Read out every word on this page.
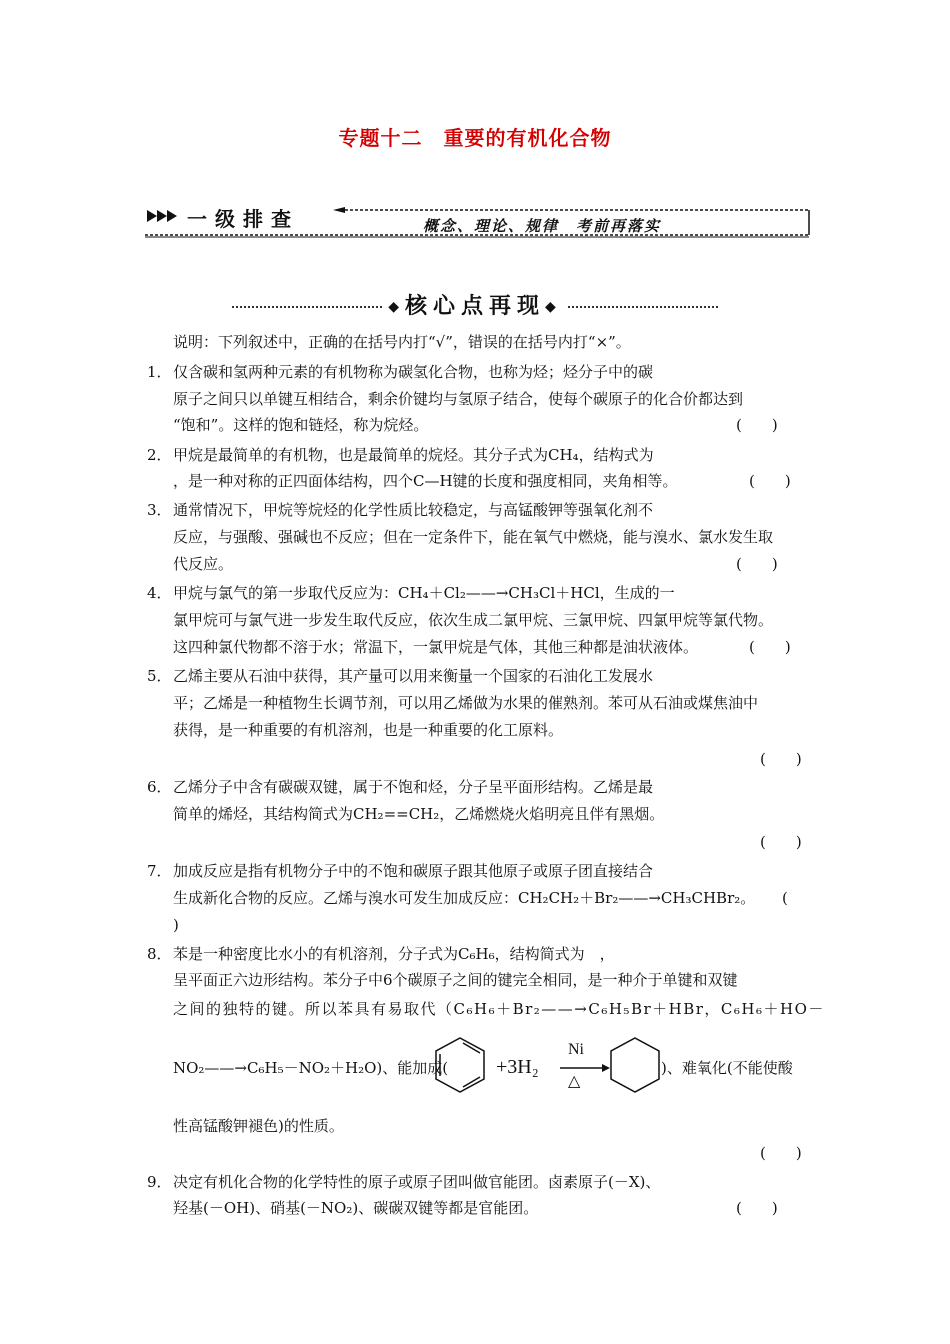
专题十二　重要的有机化合物
一级排查	概念、理论、规律　考前再落实
◆核心点再现◆
说明：下列叙述中，正确的在括号内打“√”，错误的在括号内打“×”。
1． 仅含碳和氢两种元素的有机物称为碳氢化合物，也称为烃；烃分子中的碳
原子之间只以单键互相结合，剩余价键均与氢原子结合，使每个碳原子的化合价都达到
“饱和”。这样的饱和链烃，称为烷烃。	(　　)
2． 甲烷是最简单的有机物，也是最简单的烷烃。其分子式为CH₄，结构式为
，是一种对称的正四面体结构，四个C—H键的长度和强度相同，夹角相等。	(　　)
3． 通常情况下，甲烷等烷烃的化学性质比较稳定，与高锰酸钾等强氧化剂不
反应，与强酸、强碱也不反应；但在一定条件下，能在氧气中燃烧，能与溴水、氯水发生取
代反应。	(　　)
4． 甲烷与氯气的第一步取代反应为：CH₄＋Cl₂——→CH₃Cl＋HCl，生成的一
氯甲烷可与氯气进一步发生取代反应，依次生成二氯甲烷、三氯甲烷、四氯甲烷等氯代物。
这四种氯代物都不溶于水；常温下，一氯甲烷是气体，其他三种都是油状液体。	(　　)
5． 乙烯主要从石油中获得，其产量可以用来衡量一个国家的石油化工发展水
平；乙烯是一种植物生长调节剂，可以用乙烯做为水果的催熟剂。苯可从石油或煤焦油中
获得，是一种重要的有机溶剂，也是一种重要的化工原料。
(　　)
6． 乙烯分子中含有碳碳双键，属于不饱和烃，分子呈平面形结构。乙烯是最
简单的烯烃，其结构简式为CH₂==CH₂，乙烯燃烧火焰明亮且伴有黑烟。
(　　)
7． 加成反应是指有机物分子中的不饱和碳原子跟其他原子或原子团直接结合
生成新化合物的反应。乙烯与溴水可发生加成反应：CH₂CH₂＋Br₂——→CH₃CHBr₂。 (
)
8． 苯是一种密度比水小的有机溶剂，分子式为C₆H₆，结构简式为　，
呈平面正六边形结构。苯分子中6个碳原子之间的键完全相同，是一种介于单键和双键
之间的独特的键。所以苯具有易取代（C₆H₆＋Br₂——→C₆H₅Br＋HBr，C₆H₆＋HO－
NO₂——→C₆H₅－NO₂＋H₂O)、能加成( +3H₂
Ni
△
)、难氧化(不能使酸
性高锰酸钾褪色)的性质。
(　　)
9． 决定有机化合物的化学特性的原子或原子团叫做官能团。卤素原子(－X)、
羟基(－OH)、硝基(－NO₂)、碳碳双键等都是官能团。	(　　)
